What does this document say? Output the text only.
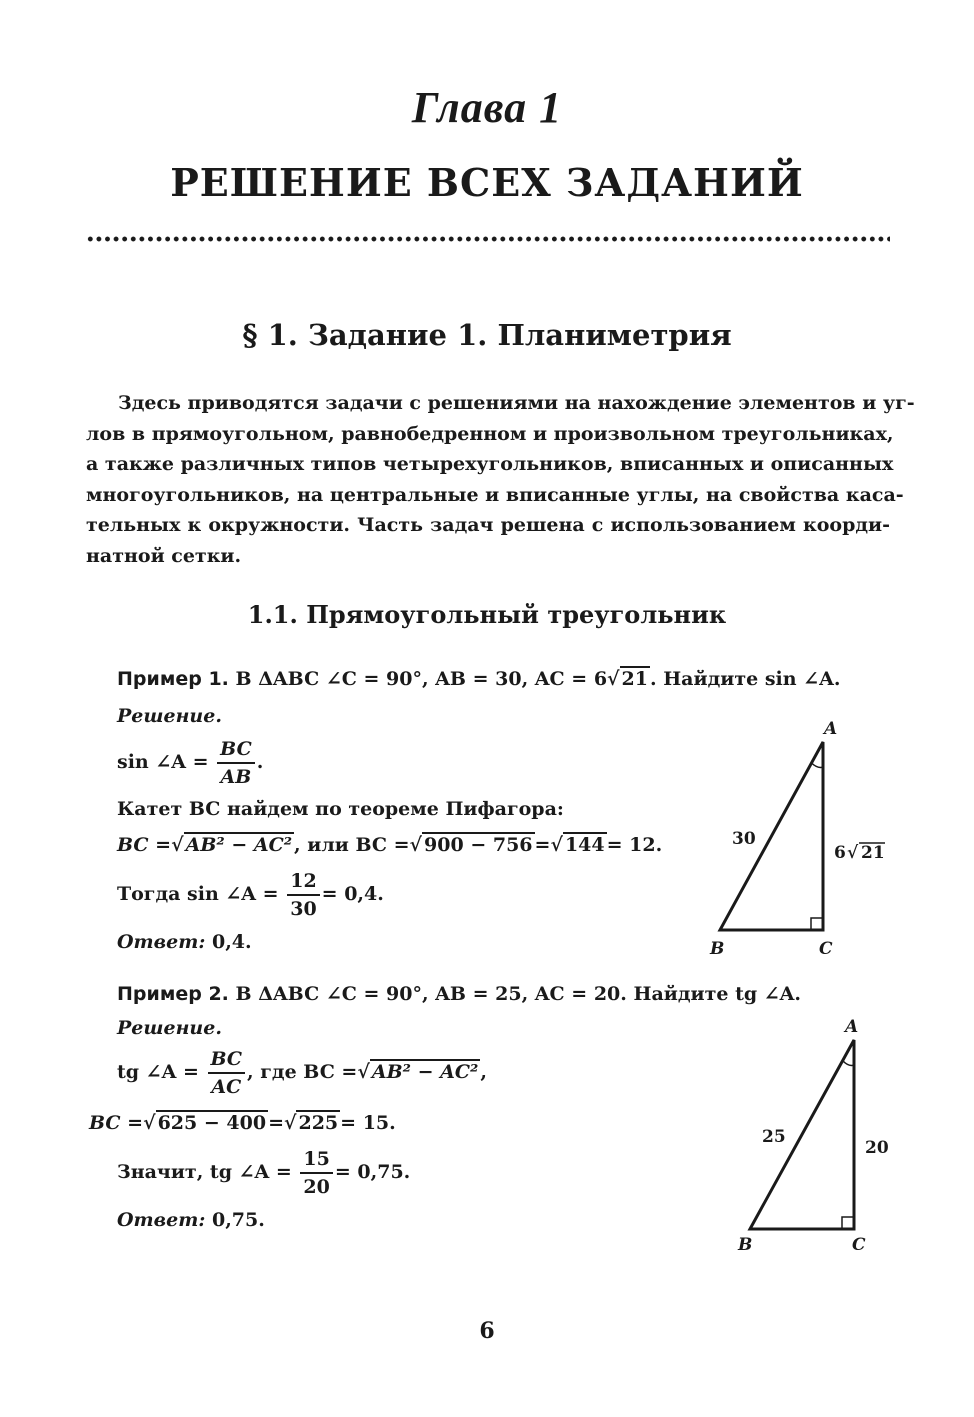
Глава 1
РЕШЕНИЕ ВСЕХ ЗАДАНИЙ
§ 1. Задание 1. Планиметрия
Здесь приводятся задачи с решениями на нахождение элементов и уг-
лов в прямоугольном, равнобедренном и произвольном треугольниках,
а также различных типов четырехугольников, вписанных и описанных
многоугольников, на центральные и вписанные углы, на свойства каса-
тельных к окружности. Часть задач решена с использованием коорди-
натной сетки.
1.1. Прямоугольный треугольник
Пример 1. В ΔABC ∠C = 90°, AB = 30, AC = 6√ 21 . Найдите sin ∠A.
Решение.
sin ∠A = $\frac{BC}{AB}$ .
Катет BC найдем по теореме Пифагора:
BC =√ AB² − AC² , или BC =√ 900 − 756 =√ 144 = 12.
Тогда sin ∠A = $\frac{12}{30} = 0,4$.
Ответ: 0,4.
A
B	C
30
6 √ 21
Пример 2. В ΔABC ∠C = 90°, AB = 25, AC = 20. Найдите tg ∠A.
Решение.
tg ∠A = $\frac{BC}{AC}$ , где BC =√ AB² − AC² ,
BC =√ 625 − 400 =√ 225 = 15.
Значит, tg ∠A = $\frac{15}{20} = 0,75$.
Ответ: 0,75.
A
B	C
25
20
6
